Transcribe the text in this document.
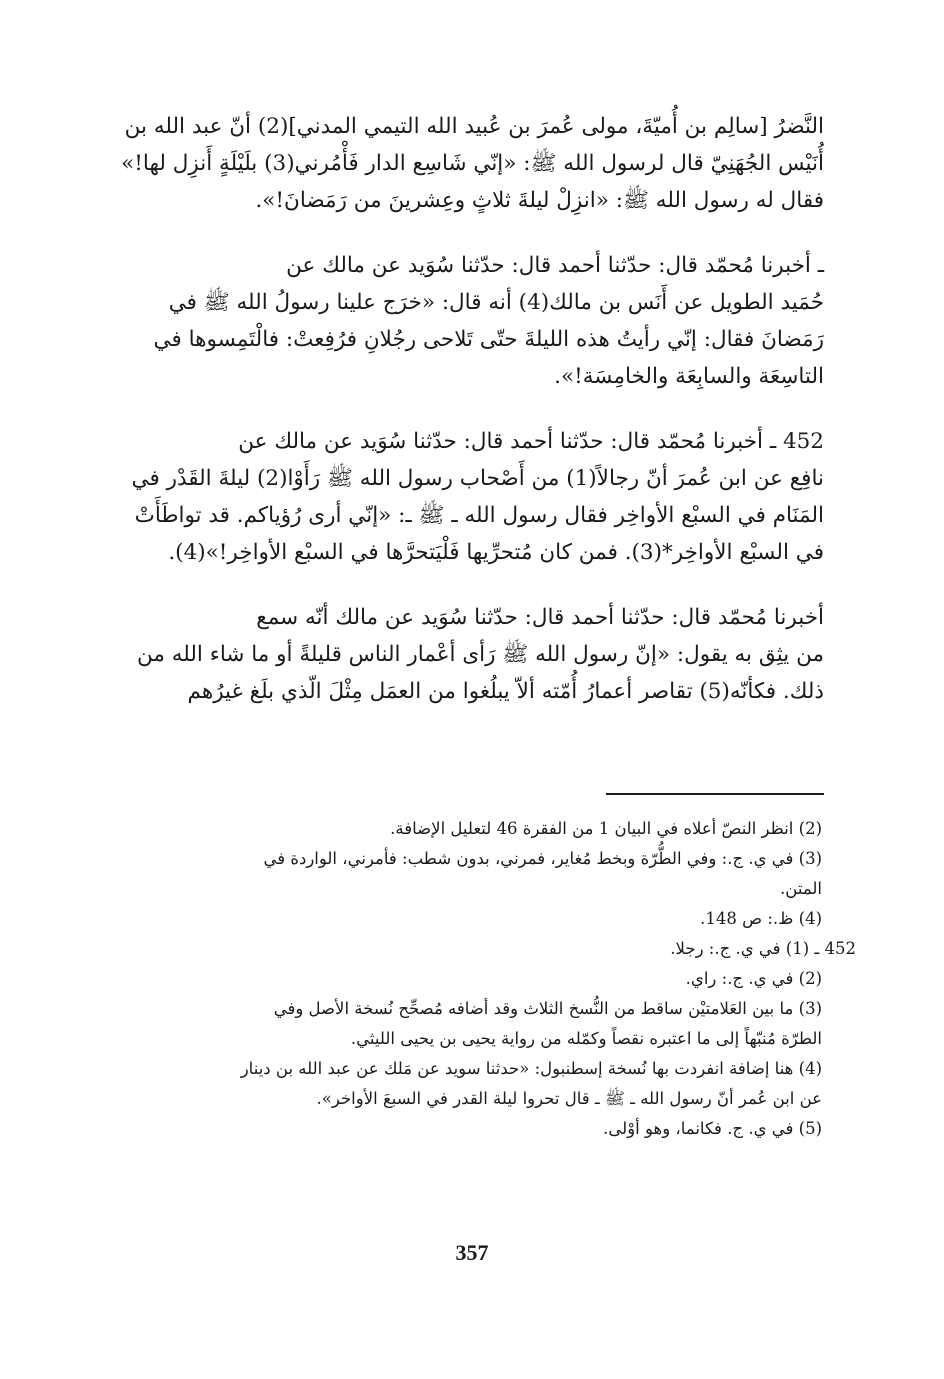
النَّضرُ [سالِم بن أُميّةَ، مولى عُمرَ بن عُبيد الله التيمي المدني](2) أنّ عبد الله بن
أُنَيْس الجُهَنِيّ قال لرسول الله ﷺ: «إنّي شَاسِع الدار فَأْمُرني(3) بلَيْلَةٍ أَنزِل لها!»
فقال له رسول الله ﷺ: «انزِلْ ليلةَ ثلاثٍ وعِشرينَ من رَمَضانَ!».

ـ أخبرنا مُحمّد قال: حدّثنا أحمد قال: حدّثنا سُوَيد عن مالك عن
حُمَيد الطويل عن أَنَس بن مالك(4) أنه قال: «خرَج علينا رسولُ الله ﷺ في
رَمَضانَ فقال: إنّي رأيتُ هذه الليلةَ حتّى تَلاحى رجُلانِ فرُفِعتْ: فالْتَمِسوها في
التاسِعَة والسابِعَة والخامِسَة!».

452 ـ أخبرنا مُحمّد قال: حدّثنا أحمد قال: حدّثنا سُوَيد عن مالك عن
نافِع عن ابن عُمرَ أنّ رجالاً(1) من أَصْحاب رسول الله ﷺ رَأَوْا(2) ليلةَ القَدْر في
المَنَام في السبْع الأواخِر فقال رسول الله ـ ﷺ ـ: «إنّي أرى رُؤياكم. قد تواطَأَتْ
في السبْع الأواخِر*(3). فمن كان مُتحرِّيها فَلْيَتحرَّها في السبْع الأواخِر!»(4).

أخبرنا مُحمّد قال: حدّثنا أحمد قال: حدّثنا سُوَيد عن مالك أنّه سمع
من يثِق به يقول: «إنّ رسول الله ﷺ رَأى أعْمار الناس قليلةً أو ما شاء الله من
ذلك. فكأنّه(5) تقاصر أعمارُ أُمّته ألاّ يبلُغوا من العمَل مِثْلَ الّذي بلَغ غيرُهم

(2) انظر النصّ أعلاه في البيان 1 من الفقرة 46 لتعليل الإضافة.
(3) في ي. ج.: وفي الطُّرّة وبخط مُغاير، فمرني، بدون شطب: فأمرني، الواردة في
المتن.
(4) ظ.: ص 148.
452 ـ (1) في ي. ج.: رجلا.
(2) في ي. ج.: راي.
(3) ما بين العَلامتيْن ساقط من النُّسخ الثلاث وقد أضافه مُصحِّح نُسخة الأصل وفي
الطرّة مُنبّهاً إلى ما اعتبره نقصاً وكمّله من رواية يحيى بن يحيى الليثي.
(4) هنا إضافة انفردت بها نُسخة إسطنبول: «حدثنا سويد عن مَلك عن عبد الله بن دينار
عن ابن عُمر أنّ رسول الله ـ ﷺ ـ قال تحروا ليلة القدر في السبعَ الأواخر».
(5) في ي. ج. فكانما، وهو أوْلى.
357
